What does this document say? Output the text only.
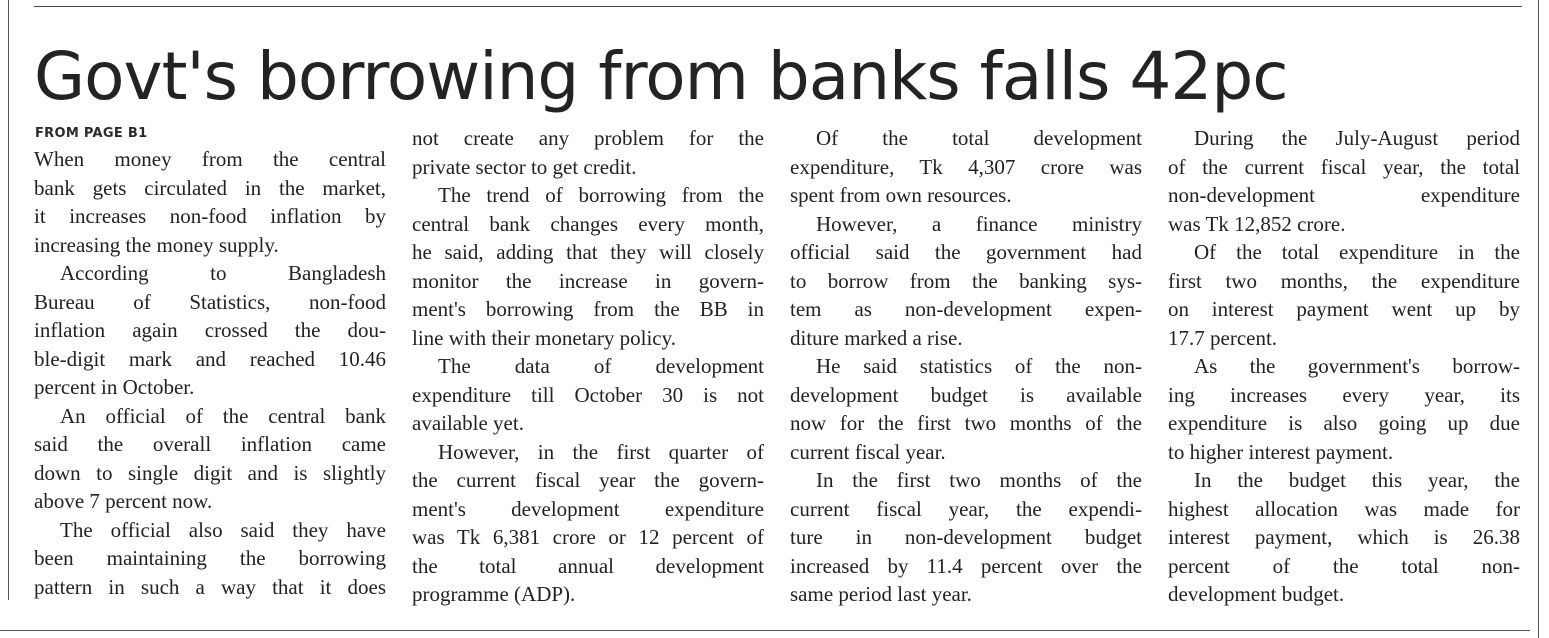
Govt's borrowing from banks falls 42pc
FROM PAGE B1
When money from the central
bank gets circulated in the market,
it increases non-food inflation by
increasing the money supply.
According to Bangladesh
Bureau of Statistics, non-food
inflation again crossed the dou-
ble-digit mark and reached 10.46
percent in October.
An official of the central bank
said the overall inflation came
down to single digit and is slightly
above 7 percent now.
The official also said they have
been maintaining the borrowing
pattern in such a way that it does
not create any problem for the
private sector to get credit.
The trend of borrowing from the
central bank changes every month,
he said, adding that they will closely
monitor the increase in govern-
ment's borrowing from the BB in
line with their monetary policy.
The data of development
expenditure till October 30 is not
available yet.
However, in the first quarter of
the current fiscal year the govern-
ment's development expenditure
was Tk 6,381 crore or 12 percent of
the total annual development
programme (ADP).
Of the total development
expenditure, Tk 4,307 crore was
spent from own resources.
However, a finance ministry
official said the government had
to borrow from the banking sys-
tem as non-development expen-
diture marked a rise.
He said statistics of the non-
development budget is available
now for the first two months of the
current fiscal year.
In the first two months of the
current fiscal year, the expendi-
ture in non-development budget
increased by 11.4 percent over the
same period last year.
During the July-August period
of the current fiscal year, the total
non-development expenditure
was Tk 12,852 crore.
Of the total expenditure in the
first two months, the expenditure
on interest payment went up by
17.7 percent.
As the government's borrow-
ing increases every year, its
expenditure is also going up due
to higher interest payment.
In the budget this year, the
highest allocation was made for
interest payment, which is 26.38
percent of the total non-
development budget.
